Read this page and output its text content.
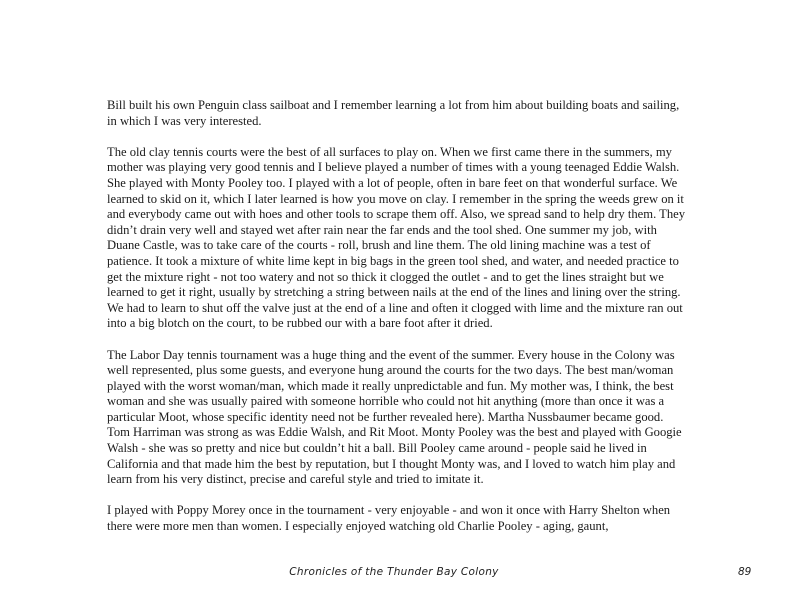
Bill built his own Penguin class sailboat and I remember learning a lot from him about building boats and sailing, in which I was very interested.

The old clay tennis courts were the best of all surfaces to play on. When we first came there in the summers, my mother was playing very good tennis and I believe played a number of times with a young teenaged Eddie Walsh. She played with Monty Pooley too. I played with a lot of people, often in bare feet on that wonderful surface. We learned to skid on it, which I later learned is how you move on clay. I remember in the spring the weeds grew on it and everybody came out with hoes and other tools to scrape them off. Also, we spread sand to help dry them. They didn’t drain very well and stayed wet after rain near the far ends and the tool shed. One summer my job, with Duane Castle, was to take care of the courts - roll, brush and line them. The old lining machine was a test of patience. It took a mixture of white lime kept in big bags in the green tool shed, and water, and needed practice to get the mixture right - not too watery and not so thick it clogged the outlet - and to get the lines straight but we learned to get it right, usually by stretching a string between nails at the end of the lines and lining over the string. We had to learn to shut off the valve just at the end of a line and often it clogged with lime and the mixture ran out into a big blotch on the court, to be rubbed our with a bare foot after it dried.

The Labor Day tennis tournament was a huge thing and the event of the summer. Every house in the Colony was well represented, plus some guests, and everyone hung around the courts for the two days. The best man/woman played with the worst woman/man, which made it really unpredictable and fun. My mother was, I think, the best woman and she was usually paired with someone horrible who could not hit anything (more than once it was a particular Moot, whose specific identity need not be further revealed here). Martha Nussbaumer became good. Tom Harriman was strong as was Eddie Walsh, and Rit Moot. Monty Pooley was the best and played with Googie Walsh - she was so pretty and nice but couldn’t hit a ball. Bill Pooley came around - people said he lived in California and that made him the best by reputation, but I thought Monty was, and I loved to watch him play and learn from his very distinct, precise and careful style and tried to imitate it.

I played with Poppy Morey once in the tournament - very enjoyable - and won it once with Harry Shelton when there were more men than women. I especially enjoyed watching old Charlie Pooley - aging, gaunt,

Chronicles of the Thunder Bay Colony	89
